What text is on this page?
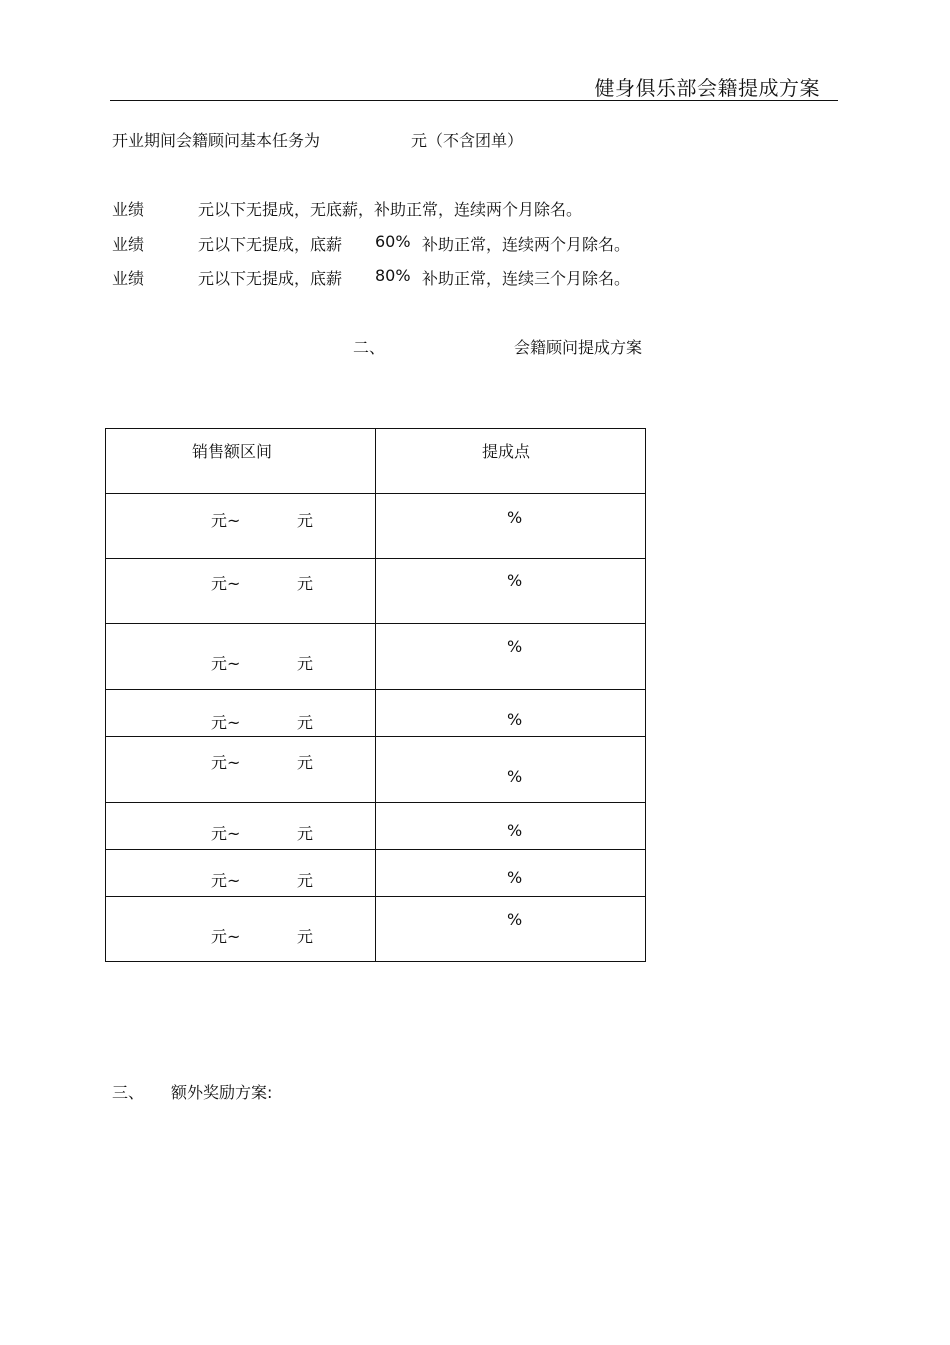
健身俱乐部会籍提成方案
开业期间会籍顾问基本任务为	元（不含团单）
业绩	元以下无提成，无底薪，补助正常，连续两个月除名。
业绩	元以下无提成，底薪 60% 补助正常，连续两个月除名。
业绩	元以下无提成，底薪 80% 补助正常，连续三个月除名。
二、	会籍顾问提成方案
销售额区间	提成点

元~ 元	%

元~ 元	%

元~ 元	%

元~ 元	%

元~ 元	%

元~ 元	%

元~ 元	%

元~ 元	%
三、 额外奖励方案:
